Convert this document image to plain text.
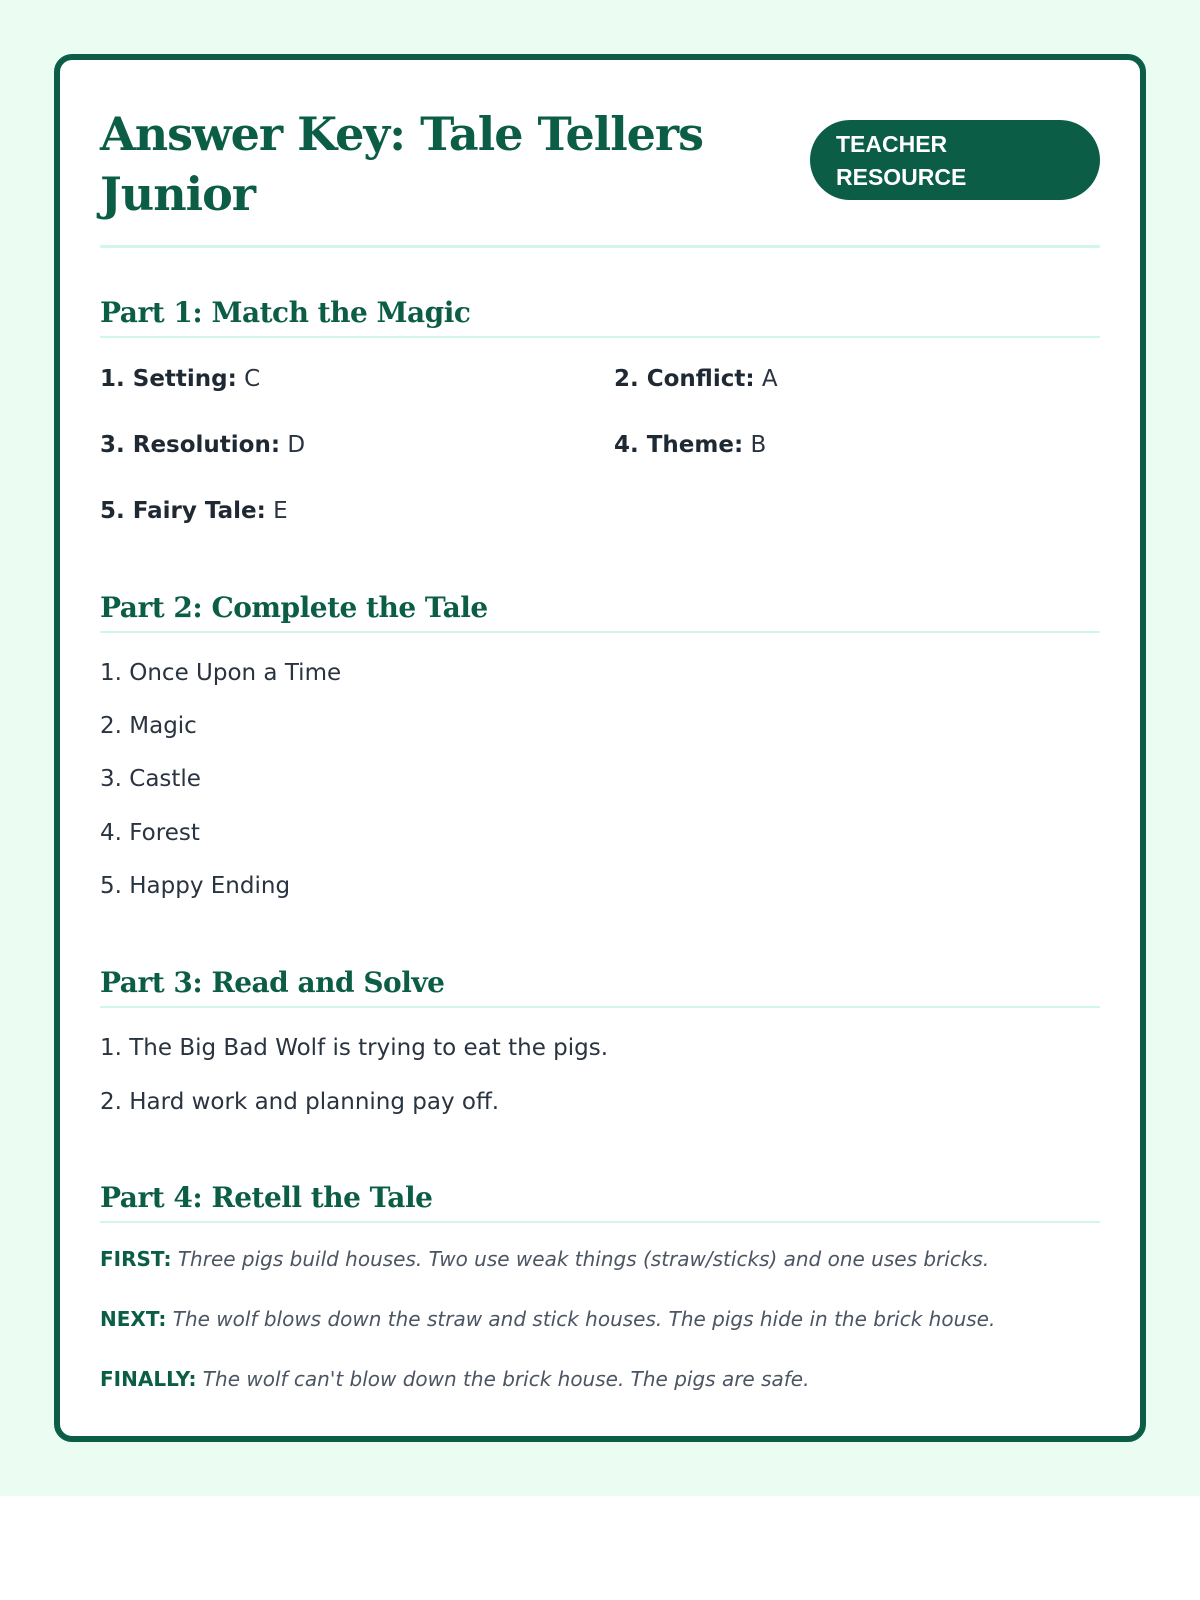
Answer Key: Tale Tellers Junior
TEACHER
RESOURCE
Part 1: Match the Magic
1. Setting: C	2. Conflict: A
3. Resolution: D	4. Theme: B
5. Fairy Tale: E
Part 2: Complete the Tale
1. Once Upon a Time
2. Magic
3. Castle
4. Forest
5. Happy Ending
Part 3: Read and Solve
1. The Big Bad Wolf is trying to eat the pigs.
2. Hard work and planning pay off.
Part 4: Retell the Tale
FIRST: Three pigs build houses. Two use weak things (straw/sticks) and one uses bricks.
NEXT: The wolf blows down the straw and stick houses. The pigs hide in the brick house.
FINALLY: The wolf can't blow down the brick house. The pigs are safe.
